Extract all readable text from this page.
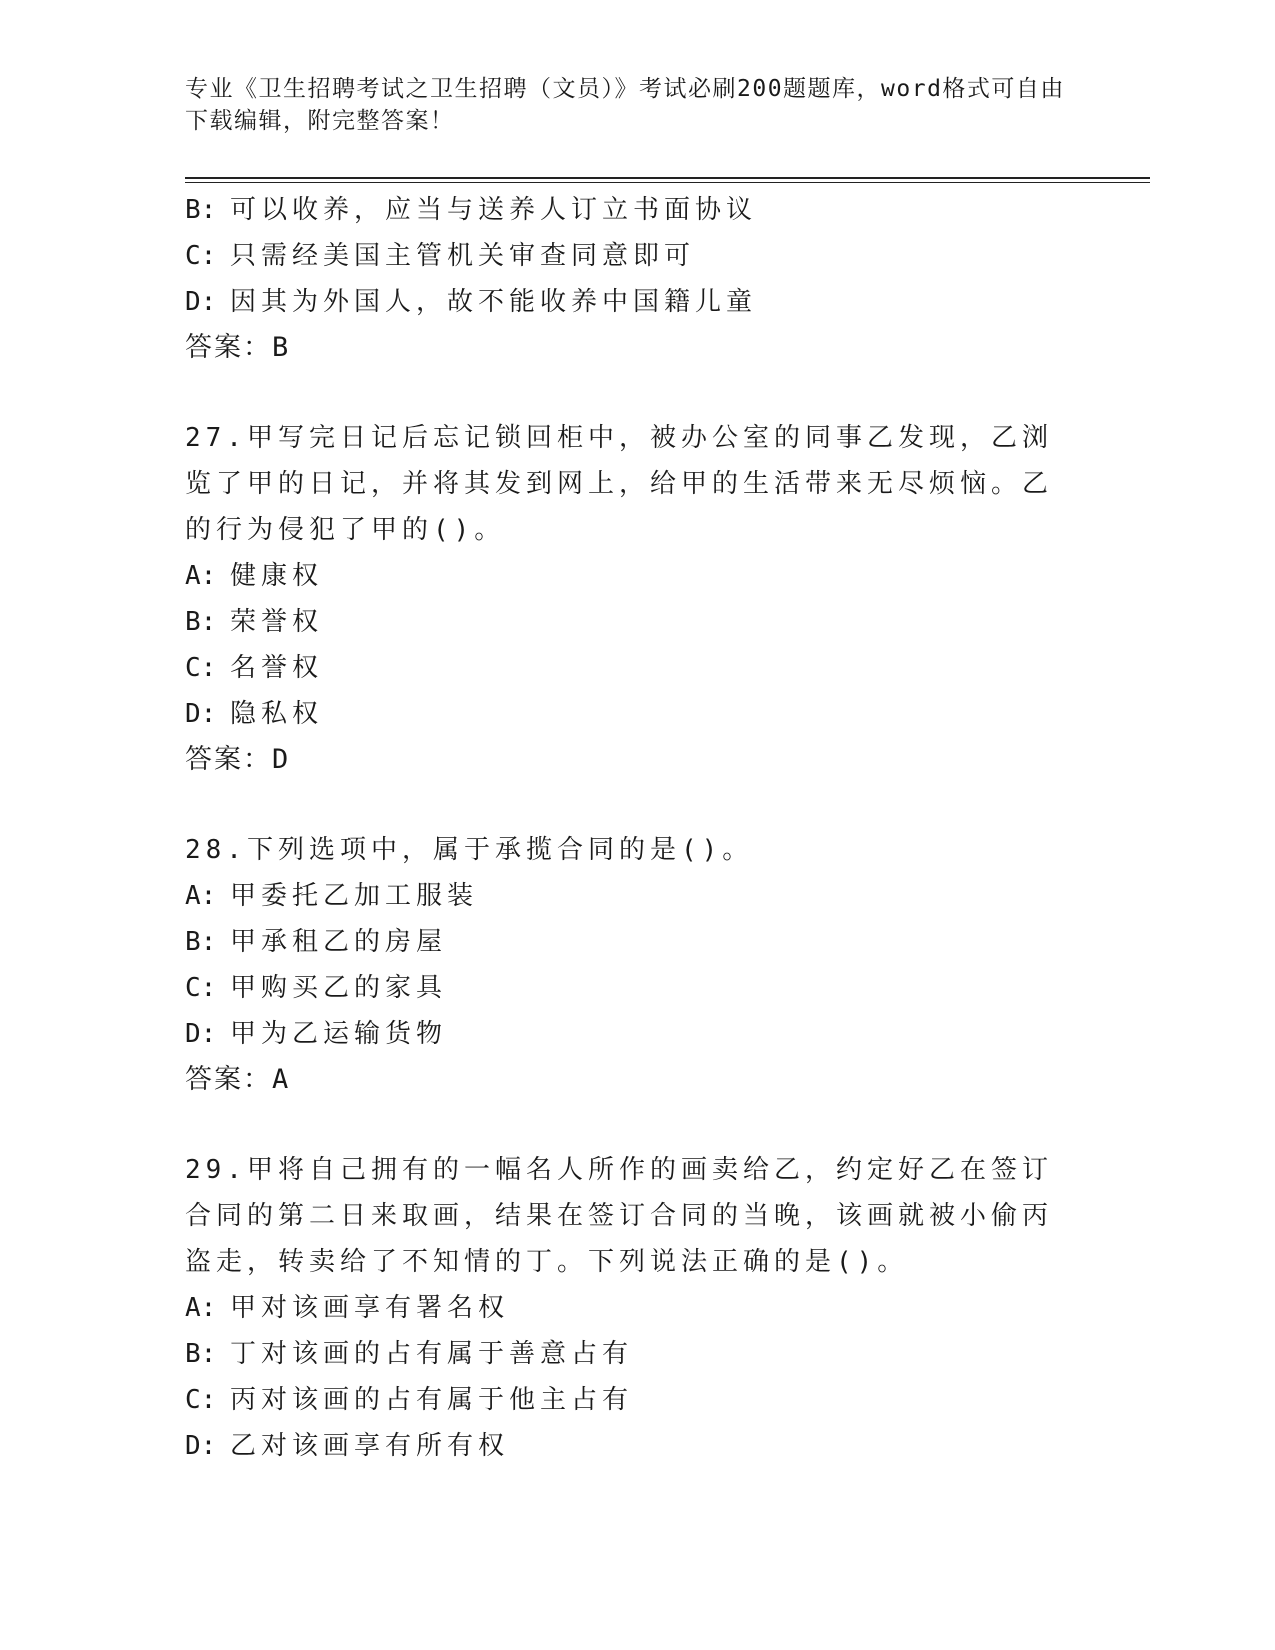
专业《卫生招聘考试之卫生招聘（文员）》考试必刷200题题库，word格式可自由下载编辑，附完整答案！
B: 可以收养，应当与送养人订立书面协议
C: 只需经美国主管机关审查同意即可
D: 因其为外国人，故不能收养中国籍儿童
答案：B
27.甲写完日记后忘记锁回柜中，被办公室的同事乙发现，乙浏览了甲的日记，并将其发到网上，给甲的生活带来无尽烦恼。乙的行为侵犯了甲的()。
A: 健康权
B: 荣誉权
C: 名誉权
D: 隐私权
答案：D
28.下列选项中，属于承揽合同的是()。
A: 甲委托乙加工服装
B: 甲承租乙的房屋
C: 甲购买乙的家具
D: 甲为乙运输货物
答案：A
29.甲将自己拥有的一幅名人所作的画卖给乙，约定好乙在签订合同的第二日来取画，结果在签订合同的当晚，该画就被小偷丙盗走，转卖给了不知情的丁。下列说法正确的是()。
A: 甲对该画享有署名权
B: 丁对该画的占有属于善意占有
C: 丙对该画的占有属于他主占有
D: 乙对该画享有所有权
